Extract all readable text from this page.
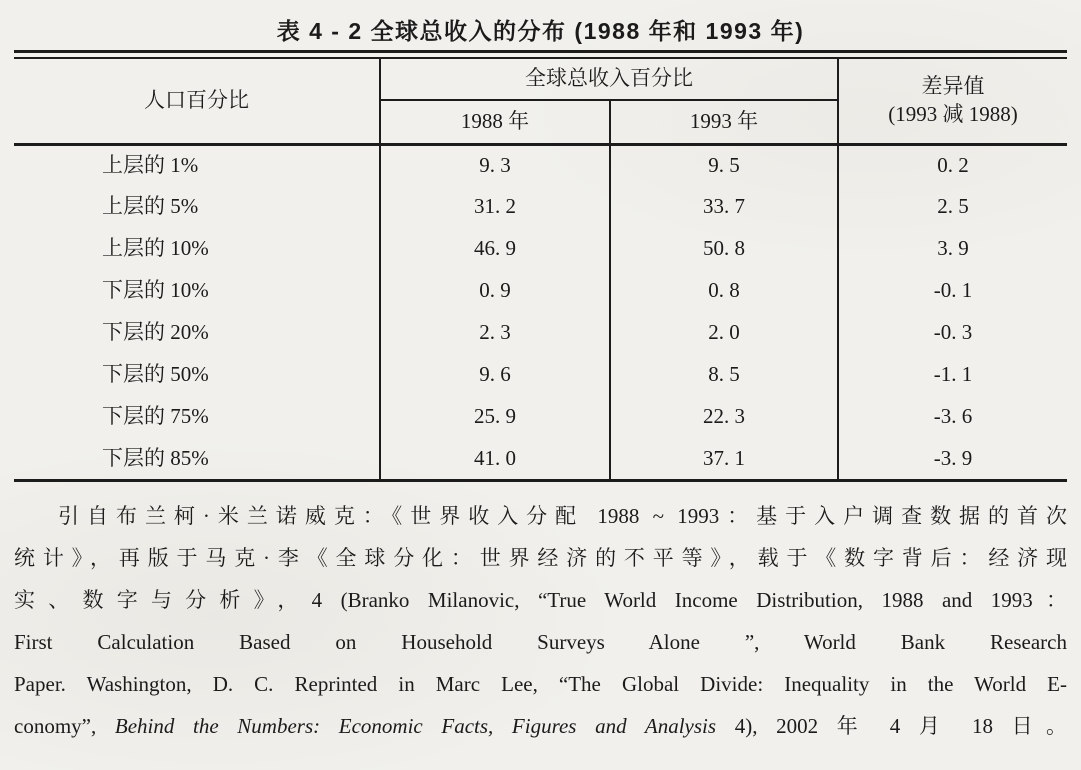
表 4 - 2 全球总收入的分布 (1988 年和 1993 年)
人口百分比	全球总收入百分比		差异值
(1993 减 1988)

	1988 年	1993 年	
上层的 1%	9. 3	9. 5	0. 2
上层的 5%	31. 2	33. 7	2. 5
上层的 10%	46. 9	50. 8	3. 9
下层的 10%	0. 9	0. 8	-0. 1
下层的 20%	2. 3	2. 0	-0. 3
下层的 50%	9. 6	8. 5	-1. 1
下层的 75%	25. 9	22. 3	-3. 6
下层的 85%	41. 0	37. 1	-3. 9
引自布兰柯·米兰诺威克：《世界收入分配 1988 ~ 1993：基于入户调查数据的首次
统计》，再版于马克·李《全球分化：世界经济的不平等》，载于《数字背后：经济现
实、数字与分析》，4 (Branko Milanovic, “True World Income Distribution, 1988 and 1993：
First Calculation Based on Household Surveys Alone ”, World Bank Research
Paper. Washington, D. C. Reprinted in Marc Lee, “The Global Divide: Inequality in the World E-
conomy”, Behind the Numbers: Economic Facts, Figures and Analysis 4), 2002 年 4 月 18 日。
